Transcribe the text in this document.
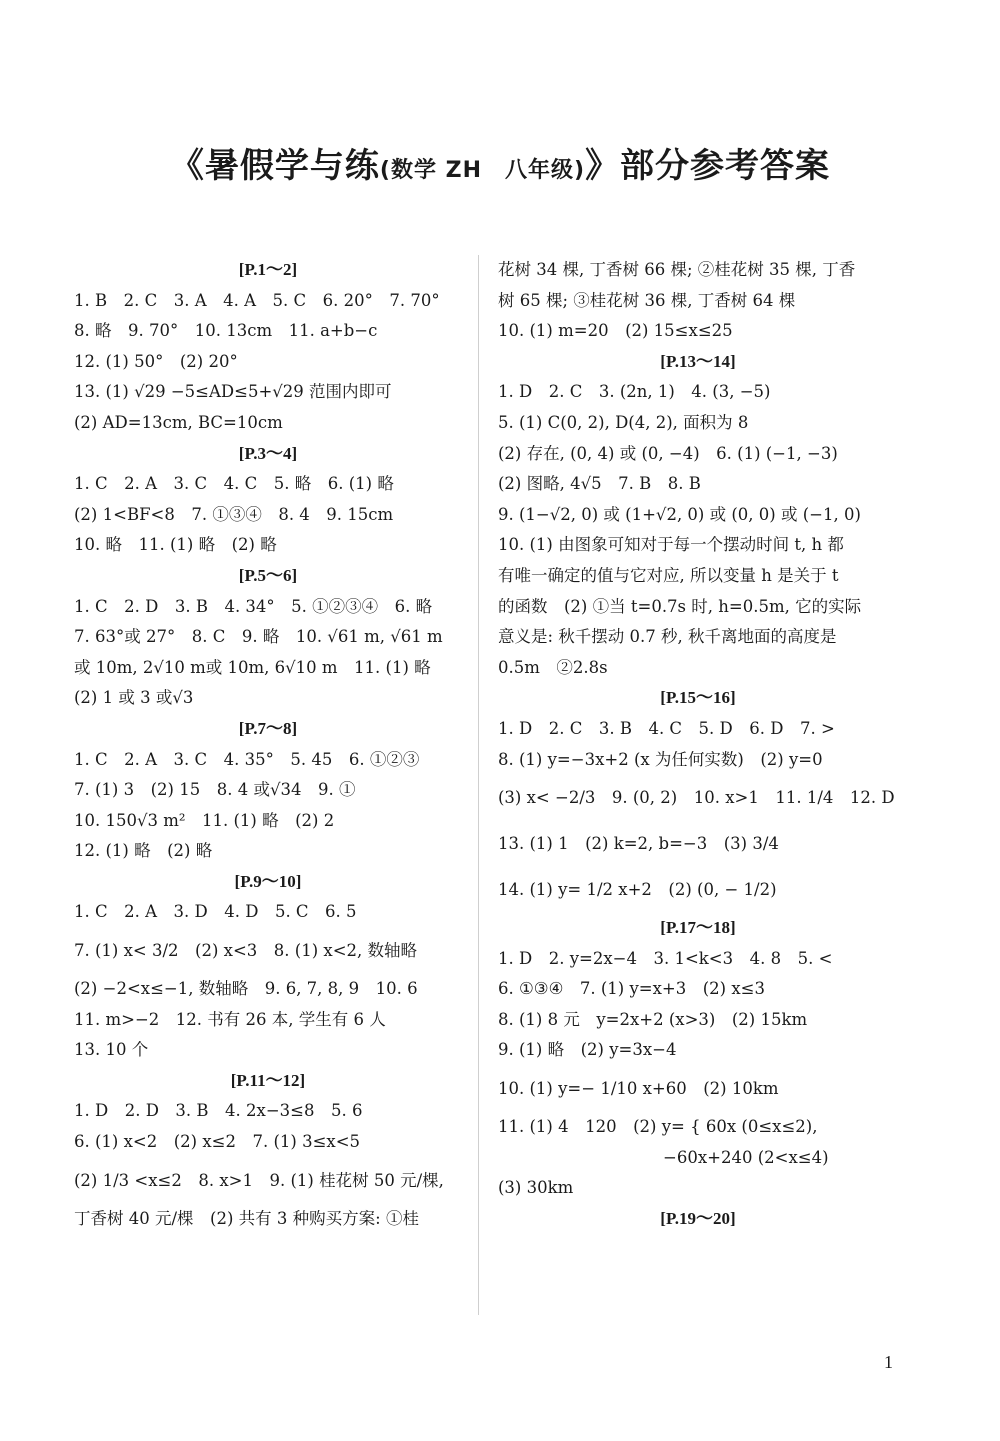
《暑假学与练(数学 ZH　八年级)》部分参考答案
[P.1～2]
1. B　2. C　3. A　4. A　5. C　6. 20°　7. 70°
8. 略　9. 70°　10. 13cm　11. a+b−c
12. (1) 50°　(2) 20°
13. (1) √29 −5≤AD≤5+√29 范围内即可
(2) AD=13cm, BC=10cm
[P.3～4]
1. C　2. A　3. C　4. C　5. 略　6. (1) 略
(2) 1<BF<8　7. ①③④　8. 4　9. 15cm
10. 略　11. (1) 略　(2) 略
[P.5～6]
1. C　2. D　3. B　4. 34°　5. ①②③④　6. 略
7. 63°或 27°　8. C　9. 略　10. √61 m, √61 m
或 10m, 2√10 m或 10m, 6√10 m　11. (1) 略
(2) 1 或 3 或√3
[P.7～8]
1. C　2. A　3. C　4. 35°　5. 45　6. ①②③
7. (1) 3　(2) 15　8. 4 或√34　9. ①
10. 150√3 m²　11. (1) 略　(2) 2
12. (1) 略　(2) 略
[P.9～10]
1. C　2. A　3. D　4. D　5. C　6. 5
7. (1) x< 3/2　(2) x<3　8. (1) x<2, 数轴略
(2) −2<x≤−1, 数轴略　9. 6, 7, 8, 9　10. 6
11. m>−2　12. 书有 26 本, 学生有 6 人
13. 10 个
[P.11～12]
1. D　2. D　3. B　4. 2x−3≤8　5. 6
6. (1) x<2　(2) x≤2　7. (1) 3≤x<5
(2) 1/3 <x≤2　8. x>1　9. (1) 桂花树 50 元/棵,
丁香树 40 元/棵　(2) 共有 3 种购买方案: ①桂
花树 34 棵, 丁香树 66 棵; ②桂花树 35 棵, 丁香
树 65 棵; ③桂花树 36 棵, 丁香树 64 棵
10. (1) m=20　(2) 15≤x≤25
[P.13～14]
1. D　2. C　3. (2n, 1)　4. (3, −5)
5. (1) C(0, 2), D(4, 2), 面积为 8
(2) 存在, (0, 4) 或 (0, −4)　6. (1) (−1, −3)
(2) 图略, 4√5　7. B　8. B
9. (1−√2, 0) 或 (1+√2, 0) 或 (0, 0) 或 (−1, 0)
10. (1) 由图象可知对于每一个摆动时间 t, h 都
有唯一确定的值与它对应, 所以变量 h 是关于 t
的函数　(2) ①当 t=0.7s 时, h=0.5m, 它的实际
意义是: 秋千摆动 0.7 秒, 秋千离地面的高度是
0.5m　②2.8s
[P.15～16]
1. D　2. C　3. B　4. C　5. D　6. D　7. >
8. (1) y=−3x+2 (x 为任何实数)　(2) y=0
(3) x< −2/3　9. (0, 2)　10. x>1　11. 1/4　12. D
13. (1) 1　(2) k=2, b=−3　(3) 3/4
14. (1) y= 1/2 x+2　(2) (0, − 1/2)
[P.17～18]
1. D　2. y=2x−4　3. 1<k<3　4. 8　5. <
6. ①③④　7. (1) y=x+3　(2) x≤3
8. (1) 8 元　y=2x+2 (x>3)　(2) 15km
9. (1) 略　(2) y=3x−4
10. (1) y=− 1/10 x+60　(2) 10km
11. (1) 4　120　(2) y= { 60x (0≤x≤2),
　　　　　　　　　　−60x+240 (2<x≤4)
(3) 30km
[P.19～20]
1
